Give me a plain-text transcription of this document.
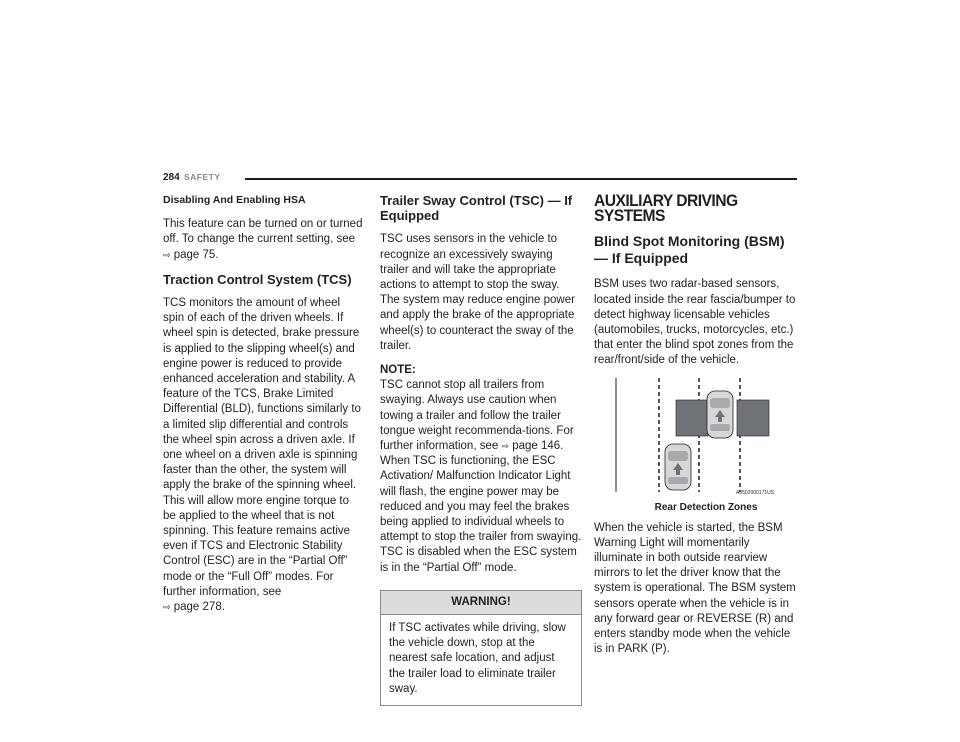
284 SAFETY
Disabling And Enabling HSA

This feature can be turned on or turned off. To change the current setting, see ⇨ page 75.

Traction Control System (TCS)

TCS monitors the amount of wheel spin of each of the driven wheels. If wheel spin is detected, brake pressure is applied to the slipping wheel(s) and engine power is reduced to provide enhanced acceleration and stability. A feature of the TCS, Brake Limited Differential (BLD), functions similarly to a limited slip differential and controls the wheel spin across a driven axle. If one wheel on a driven axle is spinning faster than the other, the system will apply the brake of the spinning wheel. This will allow more engine torque to be applied to the wheel that is not spinning. This feature remains active even if TCS and Electronic Stability Control (ESC) are in the “Partial Off” mode or the “Full Off” modes. For further information, see
⇨ page 278.

Trailer Sway Control (TSC) — If Equipped

TSC uses sensors in the vehicle to recognize an excessively swaying trailer and will take the appropriate actions to attempt to stop the sway. The system may reduce engine power and apply the brake of the appropriate wheel(s) to counteract the sway of the trailer.

NOTE:
TSC cannot stop all trailers from swaying. Always use caution when towing a trailer and follow the trailer tongue weight recommenda-tions. For further information, see ⇨ page 146. When TSC is functioning, the ESC Activation/ Malfunction Indicator Light will flash, the engine power may be reduced and you may feel the brakes being applied to individual wheels to attempt to stop the trailer from swaying. TSC is disabled when the ESC system is in the “Partial Off” mode.

WARNING!
If TSC activates while driving, slow the vehicle down, stop at the nearest safe location, and adjust the trailer load to eliminate trailer sway.
AUXILIARY DRIVING SYSTEMS
Blind Spot Monitoring (BSM) — If Equipped

BSM uses two radar-based sensors, located inside the rear fascia/bumper to detect highway licensable vehicles (automobiles, trucks, motorcycles, etc.) that enter the blind spot zones from the rear/front/side of the vehicle.

A0502000171US
Rear Detection Zones

When the vehicle is started, the BSM Warning Light will momentarily illuminate in both outside rearview mirrors to let the driver know that the system is operational. The BSM system sensors operate when the vehicle is in any forward gear or REVERSE (R) and enters standby mode when the vehicle is in PARK (P).
